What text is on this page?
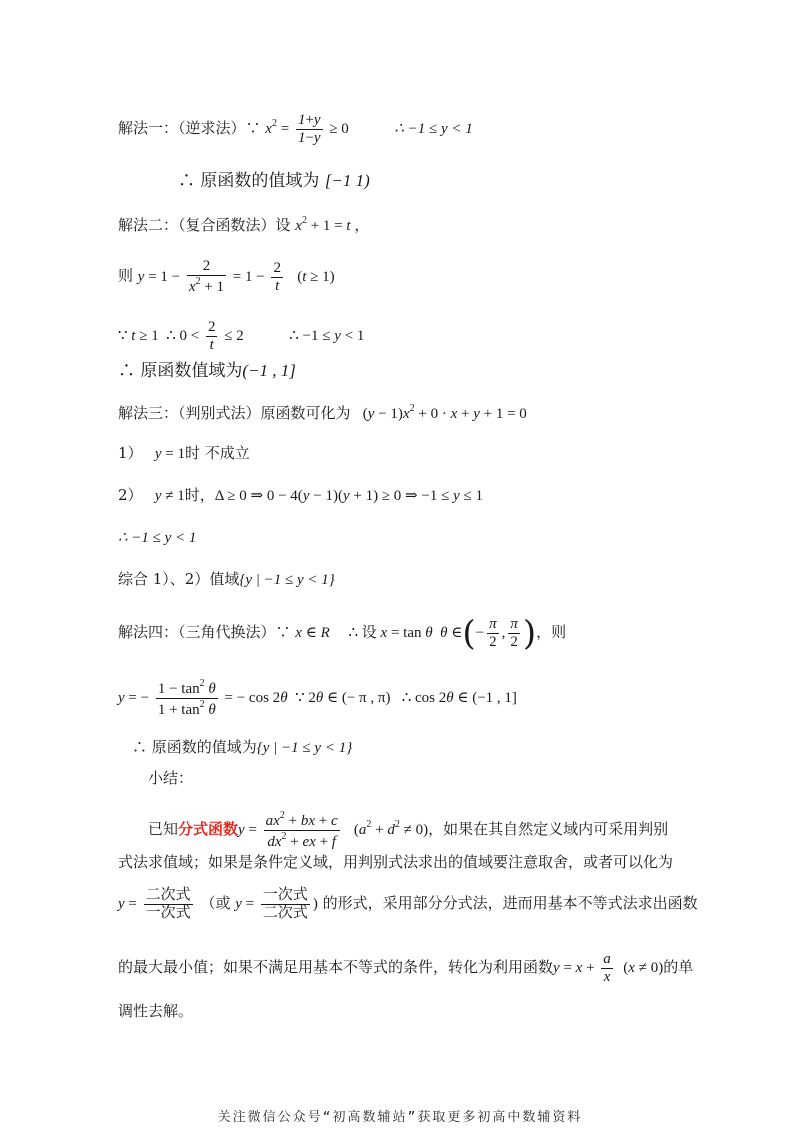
解法一：（逆求法）∵ $x^2 = \frac{1+y}{1-y} \ge 0$	∴ −1 ≤ y < 1
∴ 原函数的值域为 [−1 1)
解法二：（复合函数法）设 $x^2 + 1 = t$ ，
则 $y = 1 - \frac{2}{x^2 + 1} = 1 - \frac{2}{t} (t \ge 1)$
∵ t ≥ 1  ∴ $0 < \frac{2}{t} \le 2$	∴ −1 ≤ y < 1
∴ 原函数值域为(−1 , 1]
解法三：（判别式法）原函数可化为 $(y - 1)x^2 + 0 \cdot x + y + 1 = 0$
1）   y = 1时 不成立
2）   y ≠ 1时，Δ ≥ 0 ⇒ 0 − 4(y − 1)(y + 1) ≥ 0 ⇒ −1 ≤ y ≤ 1
∴ −1 ≤ y < 1
综合 1）、2）值域{y | −1 ≤ y < 1}
解法四：（三角代换法）∵ x ∈ R     ∴ 设 x = tan θ  θ ∈(− $\frac{\pi}{2}$ , $\frac{\pi}{2}$ )，则
y = − $\frac{1 - \tan^2 \theta}{1 + \tan^2 \theta}$ = − cos 2θ  ∵ 2θ ∈ (− π , π) ∴ cos 2θ ∈ (−1 , 1]
∴ 原函数的值域为{y | −1 ≤ y < 1}
小结：
已知分式函数$y = \frac{ax^2 + bx + c}{dx^2 + ex + f} (a^2 + d^2 \ne 0)$，如果在其自然定义域内可采用判别
式法求值域；如果是条件定义域，用判别式法求出的值域要注意取舍，或者可以化为
$y = \frac{\text{二次式}}{\text{一次式}}$ （或 $y = \frac{\text{一次式}}{\text{二次式}}$ ) 的形式，采用部分分式法，进而用基本不等式法求出函数
的最大最小值；如果不满足用基本不等式的条件，转化为利用函数$y = x + \frac{a}{x} (x \ne 0)$的单
调性去解。
关注微信公众号“初高数辅站”获取更多初高中数辅资料
